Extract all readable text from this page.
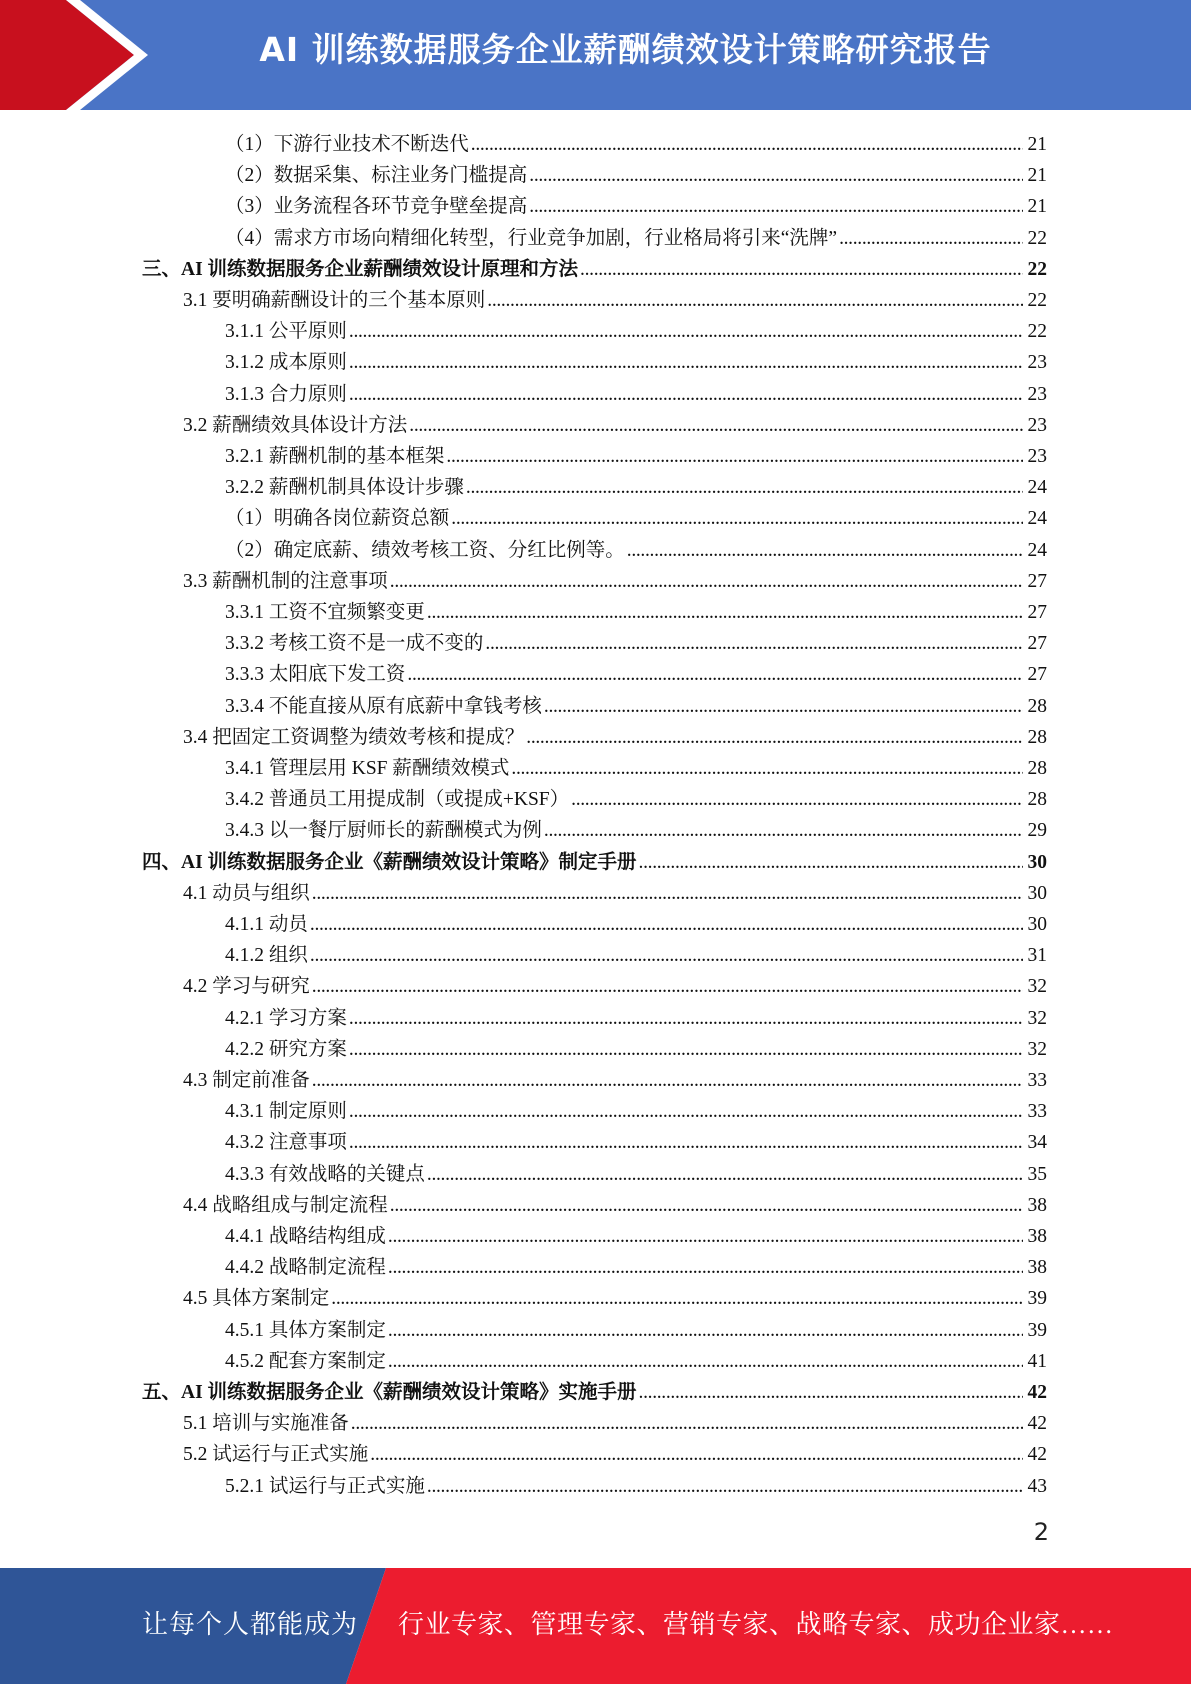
AI 训练数据服务企业薪酬绩效设计策略研究报告
（1）下游行业技术不断迭代 . . .	21
（2）数据采集、标注业务门槛提高 . . .	21
（3）业务流程各环节竞争壁垒提高 . . .	21
（4）需求方市场向精细化转型，行业竞争加剧，行业格局将引来“洗牌” . . .	22
三、AI 训练数据服务企业薪酬绩效设计原理和方法 . . .	22
3.1 要明确薪酬设计的三个基本原则 . . .	22
3.1.1 公平原则 . . .	22
3.1.2 成本原则 . . .	23
3.1.3 合力原则 . . .	23
3.2 薪酬绩效具体设计方法 . . .	23
3.2.1 薪酬机制的基本框架 . . .	23
3.2.2 薪酬机制具体设计步骤 . . .	24
（1）明确各岗位薪资总额 . . .	24
（2）确定底薪、绩效考核工资、分红比例等。 . . .	24
3.3 薪酬机制的注意事项 . . .	27
3.3.1 工资不宜频繁变更 . . .	27
3.3.2 考核工资不是一成不变的 . . .	27
3.3.3 太阳底下发工资 . . .	27
3.3.4 不能直接从原有底薪中拿钱考核 . . .	28
3.4 把固定工资调整为绩效考核和提成？ . . .	28
3.4.1 管理层用 KSF 薪酬绩效模式 . . .	28
3.4.2 普通员工用提成制（或提成+KSF） . . .	28
3.4.3 以一餐厅厨师长的薪酬模式为例 . . .	29
四、AI 训练数据服务企业《薪酬绩效设计策略》制定手册 . . .	30
4.1 动员与组织 . . .	30
4.1.1 动员 . . .	30
4.1.2 组织 . . .	31
4.2 学习与研究 . . .	32
4.2.1 学习方案 . . .	32
4.2.2 研究方案 . . .	32
4.3 制定前准备 . . .	33
4.3.1 制定原则 . . .	33
4.3.2 注意事项 . . .	34
4.3.3 有效战略的关键点 . . .	35
4.4 战略组成与制定流程 . . .	38
4.4.1 战略结构组成 . . .	38
4.4.2 战略制定流程 . . .	38
4.5 具体方案制定 . . .	39
4.5.1 具体方案制定 . . .	39
4.5.2 配套方案制定 . . .	41
五、AI 训练数据服务企业《薪酬绩效设计策略》实施手册 . . .	42
5.1 培训与实施准备 . . .	42
5.2 试运行与正式实施 . . .	42
5.2.1 试运行与正式实施 . . .	43
2
让每个人都能成为 行业专家、管理专家、营销专家、战略专家、成功企业家……
